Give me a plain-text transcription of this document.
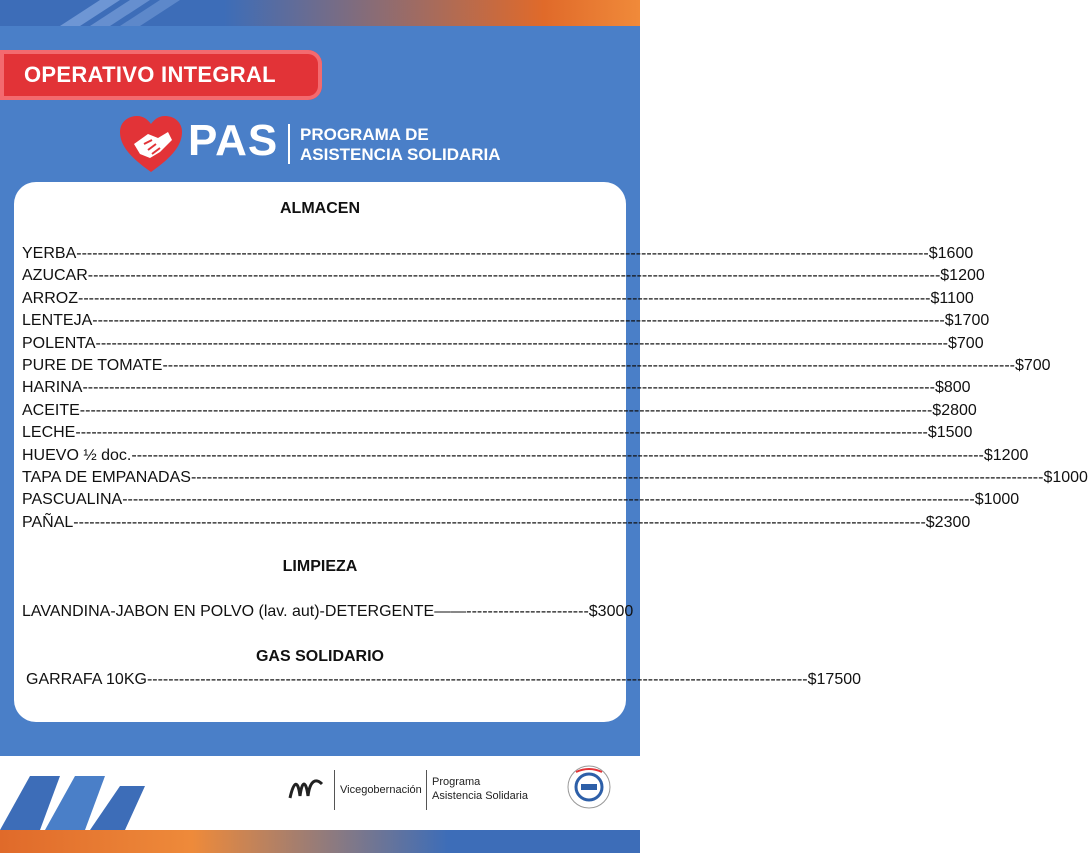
OPERATIVO INTEGRAL
PAS PROGRAMA DE
ASISTENCIA SOLIDARIA
ALMACEN
YERBA ---------------------------------------------------------------------------------------------------------------------------------------------------------------- $1600
AZUCAR ---------------------------------------------------------------------------------------------------------------------------------------------------------------- $1200
ARROZ ---------------------------------------------------------------------------------------------------------------------------------------------------------------- $1100
LENTEJA ---------------------------------------------------------------------------------------------------------------------------------------------------------------- $1700
POLENTA ---------------------------------------------------------------------------------------------------------------------------------------------------------------- $700
PURE DE TOMATE ---------------------------------------------------------------------------------------------------------------------------------------------------------------- $700
HARINA ---------------------------------------------------------------------------------------------------------------------------------------------------------------- $800
ACEITE ---------------------------------------------------------------------------------------------------------------------------------------------------------------- $2800
LECHE ---------------------------------------------------------------------------------------------------------------------------------------------------------------- $1500
HUEVO ½ doc. ---------------------------------------------------------------------------------------------------------------------------------------------------------------- $1200
TAPA DE EMPANADAS ---------------------------------------------------------------------------------------------------------------------------------------------------------------- $1000
PASCUALINA ---------------------------------------------------------------------------------------------------------------------------------------------------------------- $1000
PAÑAL ---------------------------------------------------------------------------------------------------------------------------------------------------------------- $2300
LIMPIEZA
LAVANDINA-JABON EN POLVO (lav. aut)-DETERGENTE ——----------------------- $3000
GAS SOLIDARIO
GARRAFA 10KG ---------------------------------------------------------------------------------------------------------------------------- $17500
Vicegobernación
Programa
Asistencia Solidaria
